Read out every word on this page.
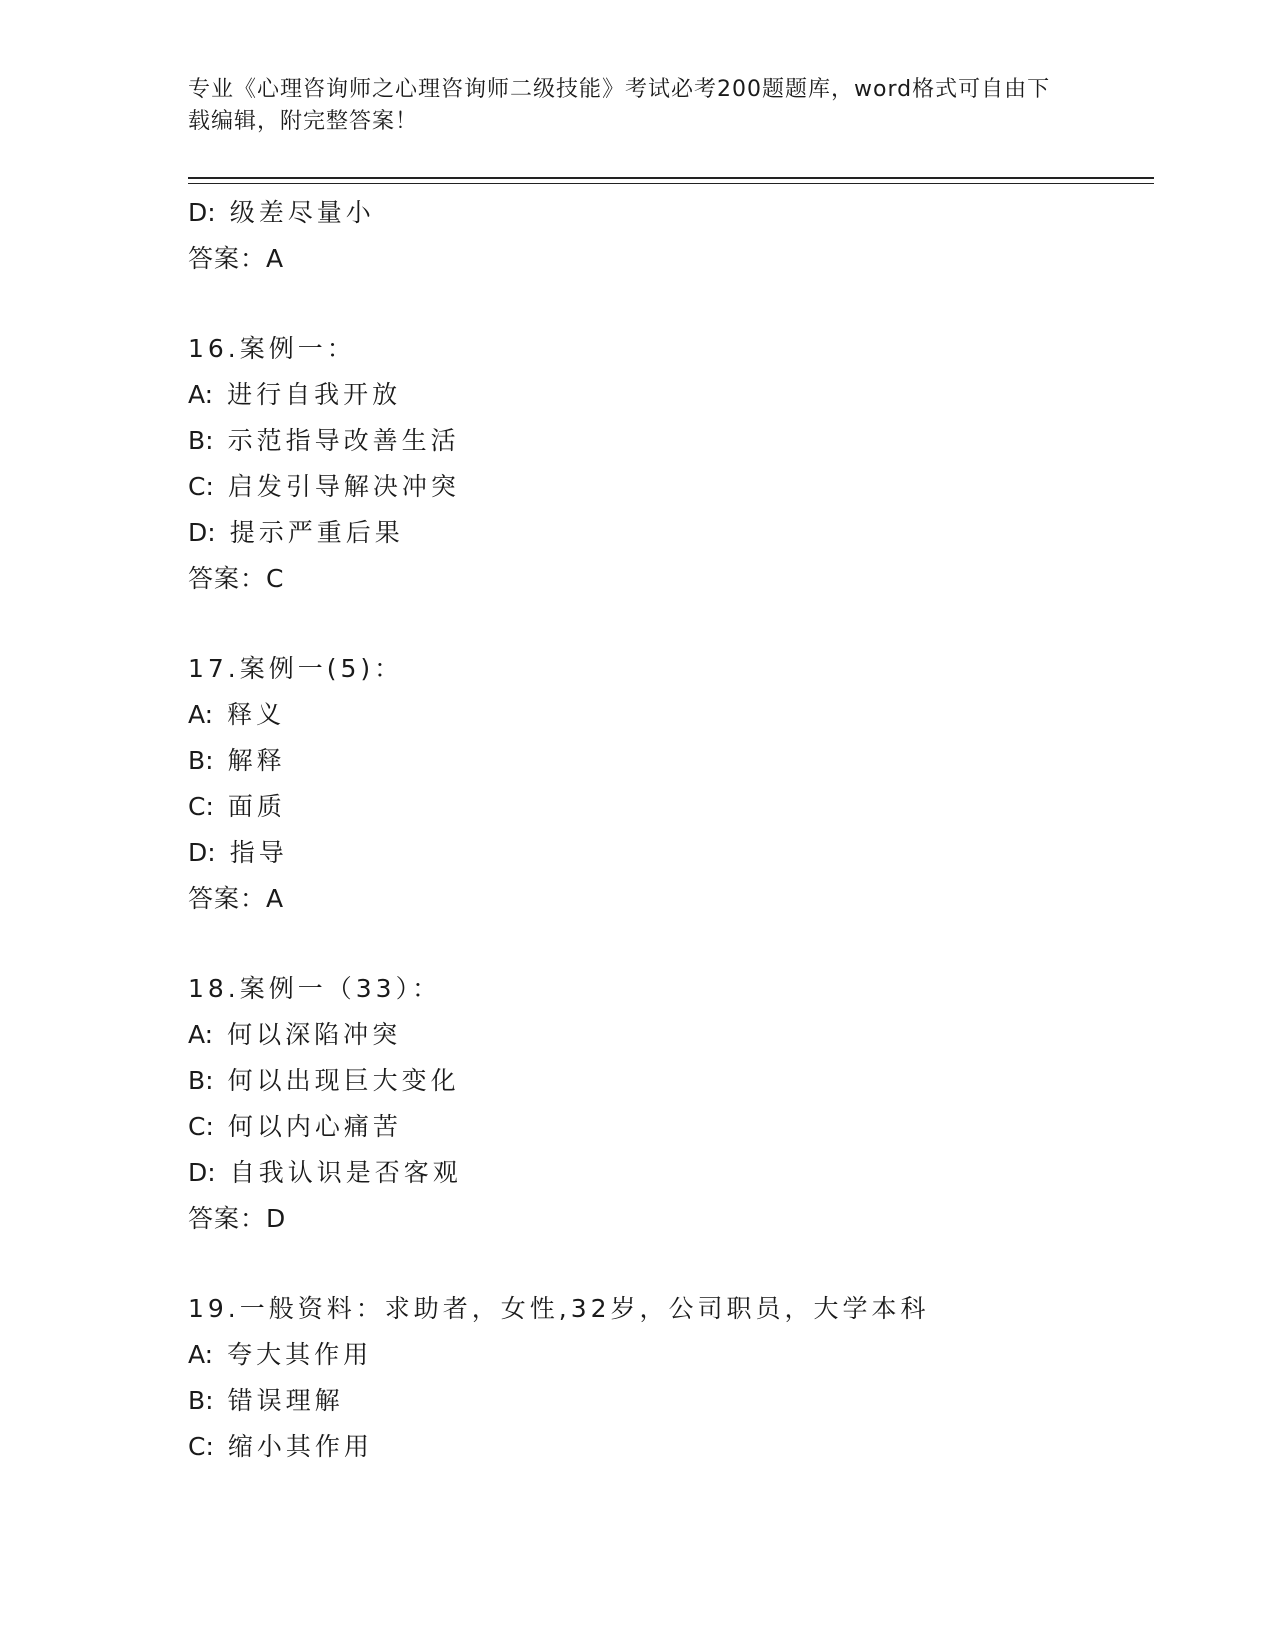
专业《心理咨询师之心理咨询师二级技能》考试必考200题题库，word格式可自由下载编辑，附完整答案！
D: 级差尽量小
答案：A
16.案例一：
A: 进行自我开放
B: 示范指导改善生活
C: 启发引导解决冲突
D: 提示严重后果
答案：C
17.案例一(5)：
A: 释义
B: 解释
C: 面质
D: 指导
答案：A
18.案例一（33）：
A: 何以深陷冲突
B: 何以出现巨大变化
C: 何以内心痛苦
D: 自我认识是否客观
答案：D
19.一般资料：求助者，女性,32岁，公司职员，大学本科
A: 夸大其作用
B: 错误理解
C: 缩小其作用
